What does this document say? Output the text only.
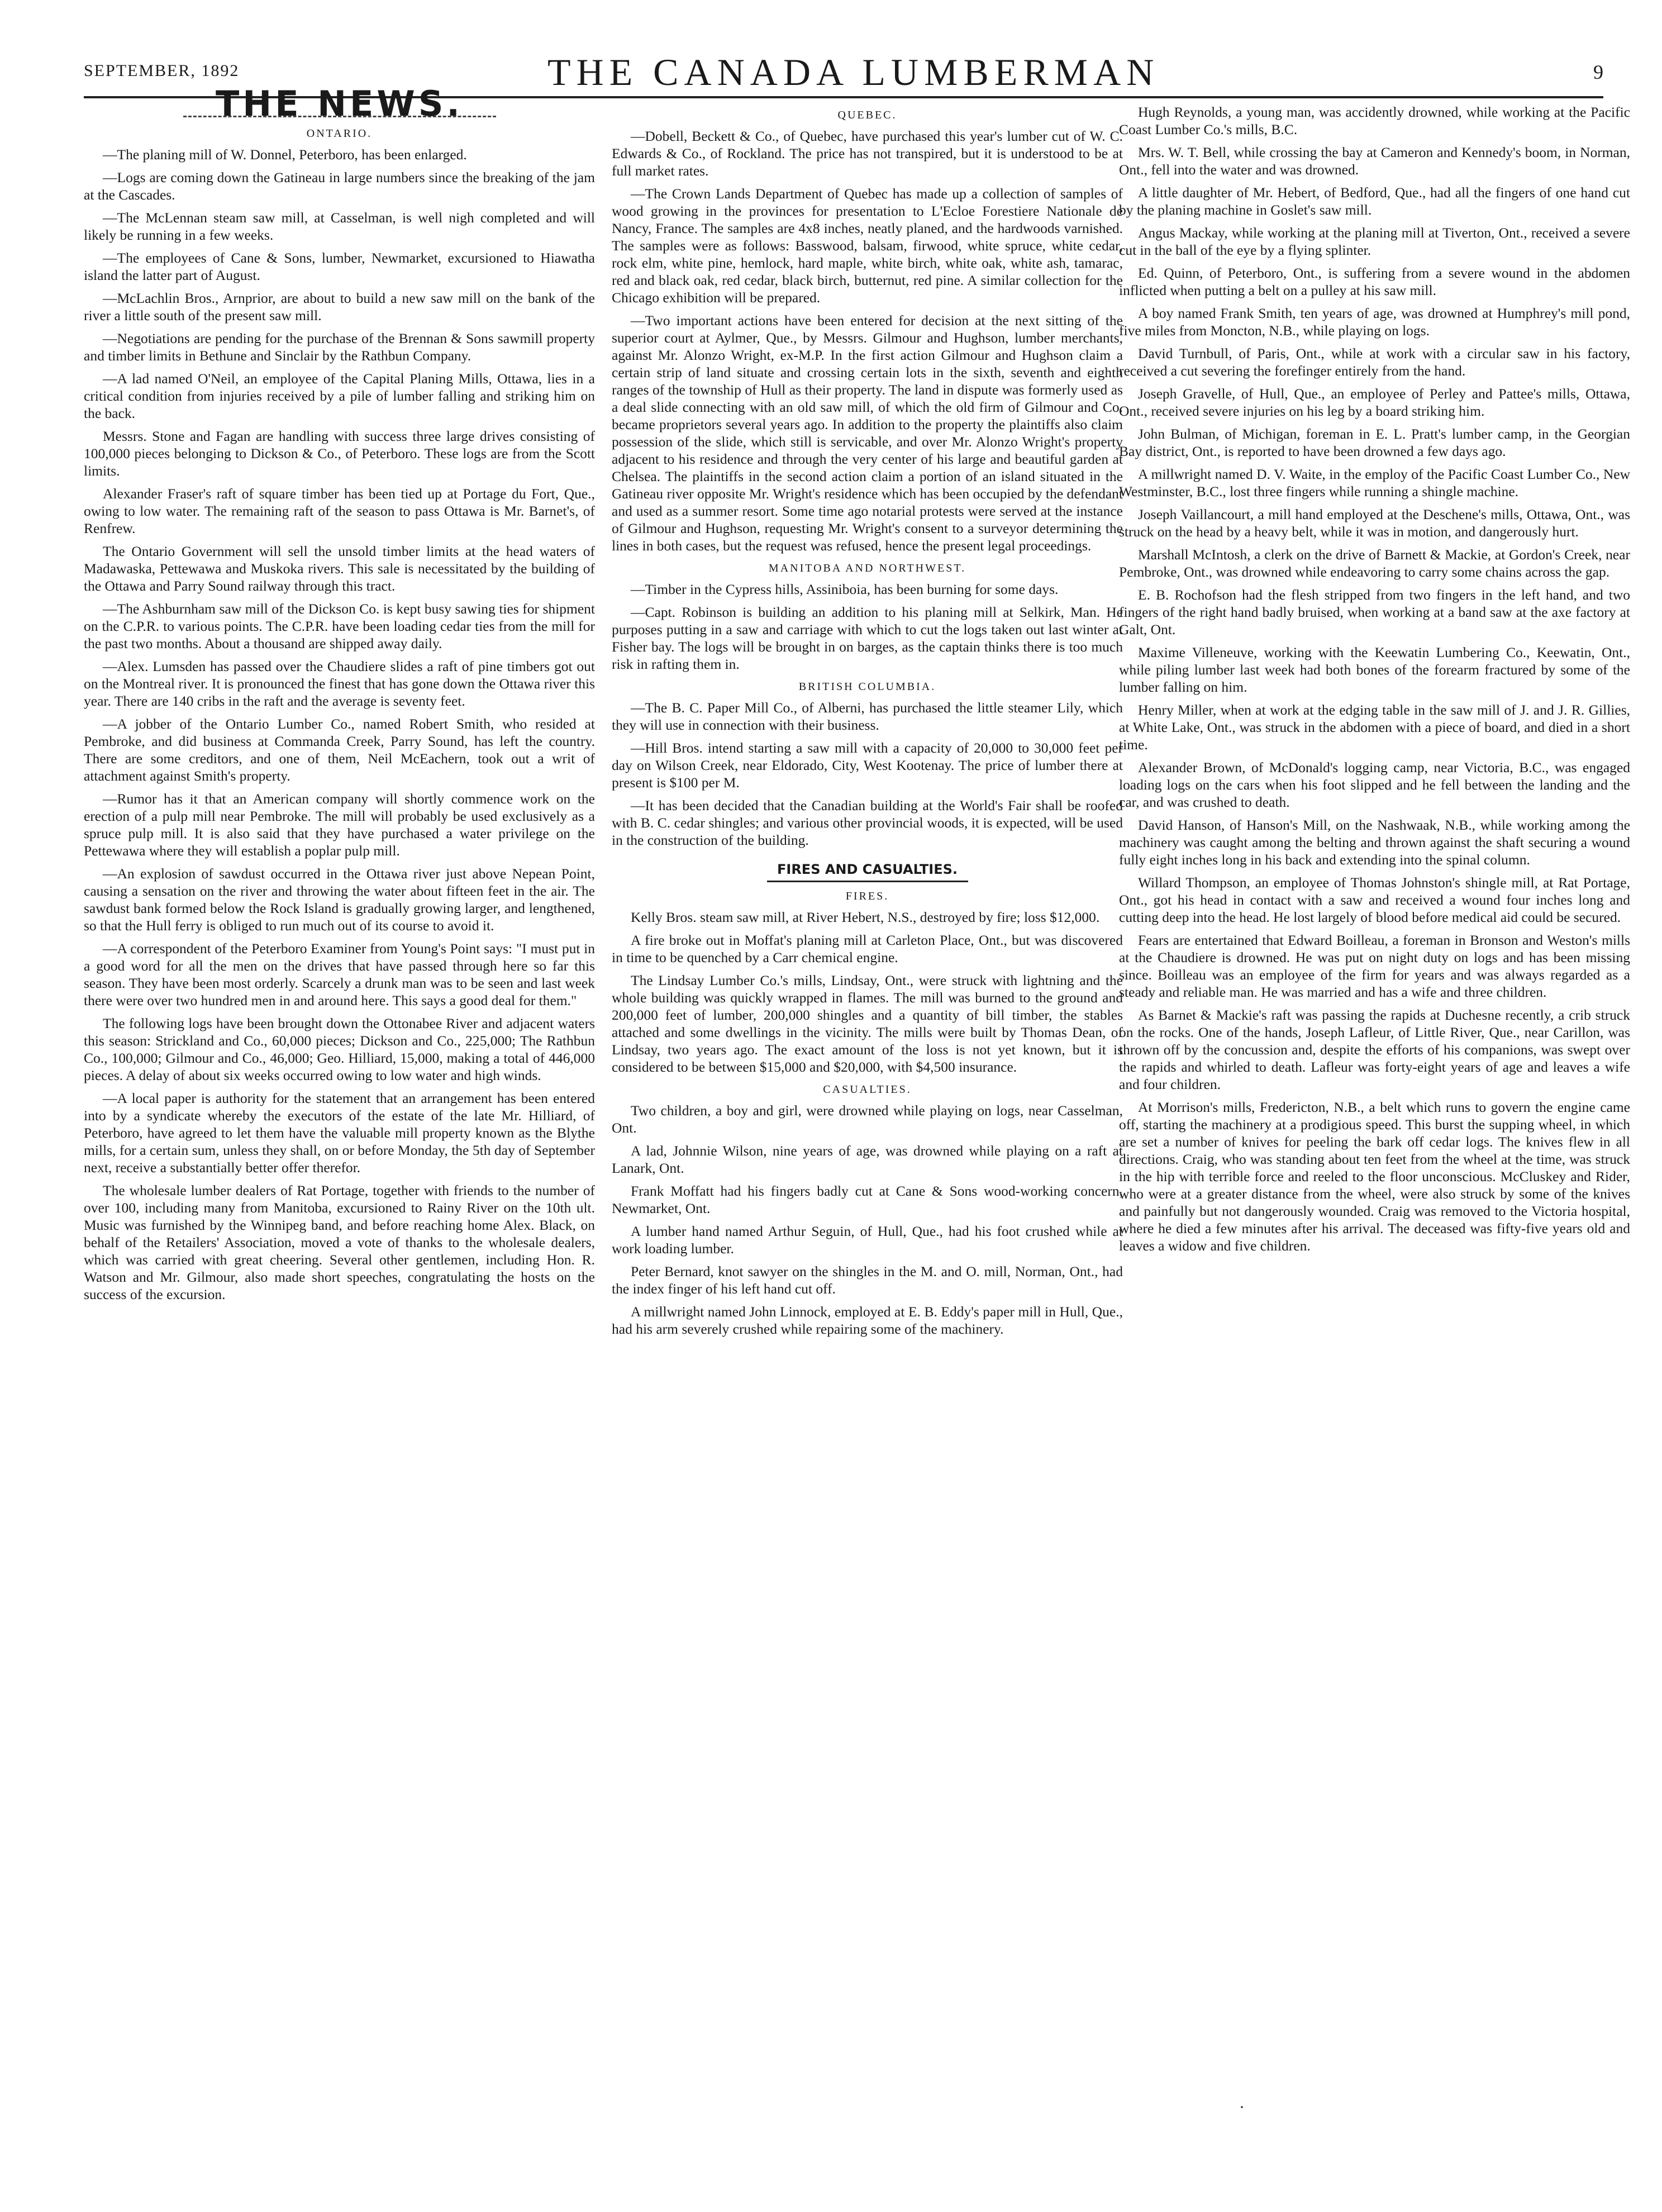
SEPTEMBER, 1892	THE CANADA LUMBERMAN	9
THE NEWS.
ONTARIO.

—The planing mill of W. Donnel, Peterboro, has been enlarged.

—Logs are coming down the Gatineau in large numbers since the breaking of the jam at the Cascades.

—The McLennan steam saw mill, at Casselman, is well nigh completed and will likely be running in a few weeks.

—The employees of Cane & Sons, lumber, Newmarket, excursioned to Hiawatha island the latter part of August.

—McLachlin Bros., Arnprior, are about to build a new saw mill on the bank of the river a little south of the present saw mill.

—Negotiations are pending for the purchase of the Brennan & Sons sawmill property and timber limits in Bethune and Sinclair by the Rathbun Company.

—A lad named O'Neil, an employee of the Capital Planing Mills, Ottawa, lies in a critical condition from injuries received by a pile of lumber falling and striking him on the back.

Messrs. Stone and Fagan are handling with success three large drives consisting of 100,000 pieces belonging to Dickson & Co., of Peterboro. These logs are from the Scott limits.

Alexander Fraser's raft of square timber has been tied up at Portage du Fort, Que., owing to low water. The remaining raft of the season to pass Ottawa is Mr. Barnet's, of Renfrew.

The Ontario Government will sell the unsold timber limits at the head waters of Madawaska, Pettewawa and Muskoka rivers. This sale is necessitated by the building of the Ottawa and Parry Sound railway through this tract.

—The Ashburnham saw mill of the Dickson Co. is kept busy sawing ties for shipment on the C.P.R. to various points. The C.P.R. have been loading cedar ties from the mill for the past two months. About a thousand are shipped away daily.

—Alex. Lumsden has passed over the Chaudiere slides a raft of pine timbers got out on the Montreal river. It is pronounced the finest that has gone down the Ottawa river this year. There are 140 cribs in the raft and the average is seventy feet.

—A jobber of the Ontario Lumber Co., named Robert Smith, who resided at Pembroke, and did business at Commanda Creek, Parry Sound, has left the country. There are some creditors, and one of them, Neil McEachern, took out a writ of attachment against Smith's property.

—Rumor has it that an American company will shortly commence work on the erection of a pulp mill near Pembroke. The mill will probably be used exclusively as a spruce pulp mill. It is also said that they have purchased a water privilege on the Pettewawa where they will establish a poplar pulp mill.

—An explosion of sawdust occurred in the Ottawa river just above Nepean Point, causing a sensation on the river and throwing the water about fifteen feet in the air. The sawdust bank formed below the Rock Island is gradually growing larger, and lengthened, so that the Hull ferry is obliged to run much out of its course to avoid it.

—A correspondent of the Peterboro Examiner from Young's Point says: "I must put in a good word for all the men on the drives that have passed through here so far this season. They have been most orderly. Scarcely a drunk man was to be seen and last week there were over two hundred men in and around here. This says a good deal for them."

The following logs have been brought down the Ottonabee River and adjacent waters this season: Strickland and Co., 60,000 pieces; Dickson and Co., 225,000; The Rathbun Co., 100,000; Gilmour and Co., 46,000; Geo. Hilliard, 15,000, making a total of 446,000 pieces. A delay of about six weeks occurred owing to low water and high winds.

—A local paper is authority for the statement that an arrangement has been entered into by a syndicate whereby the executors of the estate of the late Mr. Hilliard, of Peterboro, have agreed to let them have the valuable mill property known as the Blythe mills, for a certain sum, unless they shall, on or before Monday, the 5th day of September next, receive a substantially better offer therefor.

The wholesale lumber dealers of Rat Portage, together with friends to the number of over 100, including many from Manitoba, excursioned to Rainy River on the 10th ult. Music was furnished by the Winnipeg band, and before reaching home Alex. Black, on behalf of the Retailers' Association, moved a vote of thanks to the wholesale dealers, which was carried with great cheering. Several other gentlemen, including Hon. R. Watson and Mr. Gilmour, also made short speeches, congratulating the hosts on the success of the excursion.

QUEBEC.

—Dobell, Beckett & Co., of Quebec, have purchased this year's lumber cut of W. C. Edwards & Co., of Rockland. The price has not transpired, but it is understood to be at full market rates.

—The Crown Lands Department of Quebec has made up a collection of samples of wood growing in the provinces for presentation to L'Ecloe Forestiere Nationale de Nancy, France. The samples are 4x8 inches, neatly planed, and the hardwoods varnished. The samples were as follows: Basswood, balsam, firwood, white spruce, white cedar, rock elm, white pine, hemlock, hard maple, white birch, white oak, white ash, tamarac, red and black oak, red cedar, black birch, butternut, red pine. A similar collection for the Chicago exhibition will be prepared.

—Two important actions have been entered for decision at the next sitting of the superior court at Aylmer, Que., by Messrs. Gilmour and Hughson, lumber merchants, against Mr. Alonzo Wright, ex-M.P. In the first action Gilmour and Hughson claim a certain strip of land situate and crossing certain lots in the sixth, seventh and eighth ranges of the township of Hull as their property. The land in dispute was formerly used as a deal slide connecting with an old saw mill, of which the old firm of Gilmour and Co. became proprietors several years ago. In addition to the property the plaintiffs also claim possession of the slide, which still is servicable, and over Mr. Alonzo Wright's property adjacent to his residence and through the very center of his large and beautiful garden at Chelsea. The plaintiffs in the second action claim a portion of an island situated in the Gatineau river opposite Mr. Wright's residence which has been occupied by the defendant and used as a summer resort. Some time ago notarial protests were served at the instance of Gilmour and Hughson, requesting Mr. Wright's consent to a surveyor determining the lines in both cases, but the request was refused, hence the present legal proceedings.

MANITOBA AND NORTHWEST.

—Timber in the Cypress hills, Assiniboia, has been burning for some days.

—Capt. Robinson is building an addition to his planing mill at Selkirk, Man. He purposes putting in a saw and carriage with which to cut the logs taken out last winter at Fisher bay. The logs will be brought in on barges, as the captain thinks there is too much risk in rafting them in.

BRITISH COLUMBIA.

—The B. C. Paper Mill Co., of Alberni, has purchased the little steamer Lily, which they will use in connection with their business.

—Hill Bros. intend starting a saw mill with a capacity of 20,000 to 30,000 feet per day on Wilson Creek, near Eldorado, City, West Kootenay. The price of lumber there at present is $100 per M.

—It has been decided that the Canadian building at the World's Fair shall be roofed with B. C. cedar shingles; and various other provincial woods, it is expected, will be used in the construction of the building.

FIRES AND CASUALTIES.
FIRES.

Kelly Bros. steam saw mill, at River Hebert, N.S., destroyed by fire; loss $12,000.

A fire broke out in Moffat's planing mill at Carleton Place, Ont., but was discovered in time to be quenched by a Carr chemical engine.

The Lindsay Lumber Co.'s mills, Lindsay, Ont., were struck with lightning and the whole building was quickly wrapped in flames. The mill was burned to the ground and 200,000 feet of lumber, 200,000 shingles and a quantity of bill timber, the stables attached and some dwellings in the vicinity. The mills were built by Thomas Dean, of Lindsay, two years ago. The exact amount of the loss is not yet known, but it is considered to be between $15,000 and $20,000, with $4,500 insurance.

CASUALTIES.

Two children, a boy and girl, were drowned while playing on logs, near Casselman, Ont.

A lad, Johnnie Wilson, nine years of age, was drowned while playing on a raft at Lanark, Ont.

Frank Moffatt had his fingers badly cut at Cane & Sons wood-working concern, Newmarket, Ont.

A lumber hand named Arthur Seguin, of Hull, Que., had his foot crushed while at work loading lumber.

Peter Bernard, knot sawyer on the shingles in the M. and O. mill, Norman, Ont., had the index finger of his left hand cut off.

A millwright named John Linnock, employed at E. B. Eddy's paper mill in Hull, Que., had his arm severely crushed while repairing some of the machinery.

Hugh Reynolds, a young man, was accidently drowned, while working at the Pacific Coast Lumber Co.'s mills, B.C.

Mrs. W. T. Bell, while crossing the bay at Cameron and Kennedy's boom, in Norman, Ont., fell into the water and was drowned.

A little daughter of Mr. Hebert, of Bedford, Que., had all the fingers of one hand cut by the planing machine in Goslet's saw mill.

Angus Mackay, while working at the planing mill at Tiverton, Ont., received a severe cut in the ball of the eye by a flying splinter.

Ed. Quinn, of Peterboro, Ont., is suffering from a severe wound in the abdomen inflicted when putting a belt on a pulley at his saw mill.

A boy named Frank Smith, ten years of age, was drowned at Humphrey's mill pond, five miles from Moncton, N.B., while playing on logs.

David Turnbull, of Paris, Ont., while at work with a circular saw in his factory, received a cut severing the forefinger entirely from the hand.

Joseph Gravelle, of Hull, Que., an employee of Perley and Pattee's mills, Ottawa, Ont., received severe injuries on his leg by a board striking him.

John Bulman, of Michigan, foreman in E. L. Pratt's lumber camp, in the Georgian Bay district, Ont., is reported to have been drowned a few days ago.

A millwright named D. V. Waite, in the employ of the Pacific Coast Lumber Co., New Westminster, B.C., lost three fingers while running a shingle machine.

Joseph Vaillancourt, a mill hand employed at the Deschene's mills, Ottawa, Ont., was struck on the head by a heavy belt, while it was in motion, and dangerously hurt.

Marshall McIntosh, a clerk on the drive of Barnett & Mackie, at Gordon's Creek, near Pembroke, Ont., was drowned while endeavoring to carry some chains across the gap.

E. B. Rochofson had the flesh stripped from two fingers in the left hand, and two fingers of the right hand badly bruised, when working at a band saw at the axe factory at Galt, Ont.

Maxime Villeneuve, working with the Keewatin Lumbering Co., Keewatin, Ont., while piling lumber last week had both bones of the forearm fractured by some of the lumber falling on him.

Henry Miller, when at work at the edging table in the saw mill of J. and J. R. Gillies, at White Lake, Ont., was struck in the abdomen with a piece of board, and died in a short time.

Alexander Brown, of McDonald's logging camp, near Victoria, B.C., was engaged loading logs on the cars when his foot slipped and he fell between the landing and the car, and was crushed to death.

David Hanson, of Hanson's Mill, on the Nashwaak, N.B., while working among the machinery was caught among the belting and thrown against the shaft securing a wound fully eight inches long in his back and extending into the spinal column.

Willard Thompson, an employee of Thomas Johnston's shingle mill, at Rat Portage, Ont., got his head in contact with a saw and received a wound four inches long and cutting deep into the head. He lost largely of blood before medical aid could be secured.

Fears are entertained that Edward Boilleau, a foreman in Bronson and Weston's mills at the Chaudiere is drowned. He was put on night duty on logs and has been missing since. Boilleau was an employee of the firm for years and was always regarded as a steady and reliable man. He was married and has a wife and three children.

As Barnet & Mackie's raft was passing the rapids at Duchesne recently, a crib struck on the rocks. One of the hands, Joseph Lafleur, of Little River, Que., near Carillon, was thrown off by the concussion and, despite the efforts of his companions, was swept over the rapids and whirled to death. Lafleur was forty-eight years of age and leaves a wife and four children.

At Morrison's mills, Fredericton, N.B., a belt which runs to govern the engine came off, starting the machinery at a prodigious speed. This burst the supping wheel, in which are set a number of knives for peeling the bark off cedar logs. The knives flew in all directions. Craig, who was standing about ten feet from the wheel at the time, was struck in the hip with terrible force and reeled to the floor unconscious. McCluskey and Rider, who were at a greater distance from the wheel, were also struck by some of the knives and painfully but not dangerously wounded. Craig was removed to the Victoria hospital, where he died a few minutes after his arrival. The deceased was fifty-five years old and leaves a widow and five children.

·
